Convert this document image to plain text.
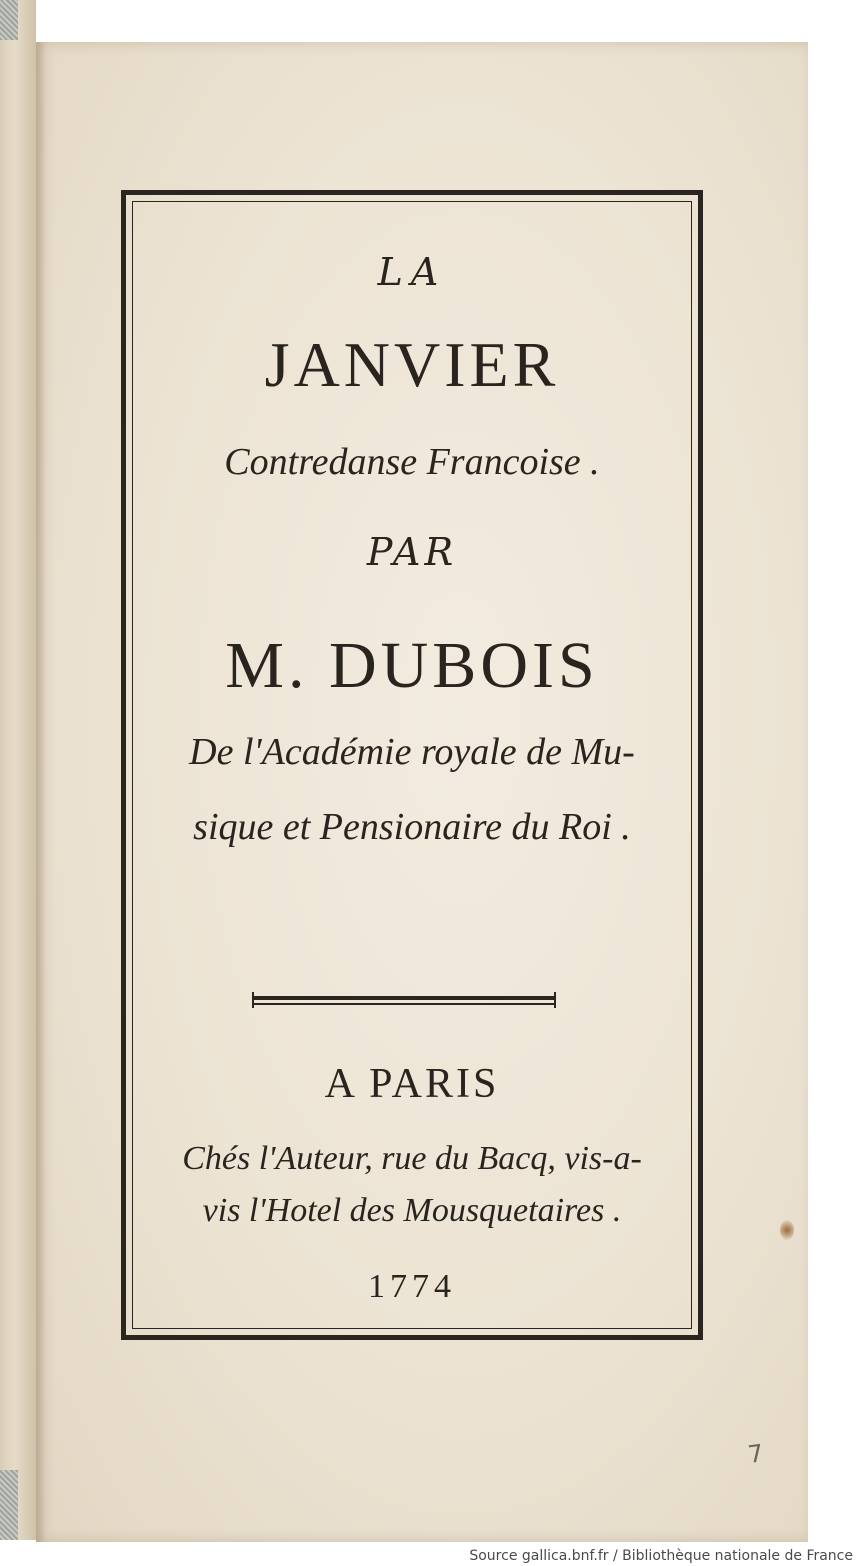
LA
JANVIER
Contredanse Francoise .
PAR
M. DUBOIS
De l'Académie royale de Mu-
sique et Pensionaire du Roi .
A PARIS
Chés l'Auteur, rue du Bacq, vis-a-
vis l'Hotel des Mousquetaires .
1774
7
Source gallica.bnf.fr / Bibliothèque nationale de France
